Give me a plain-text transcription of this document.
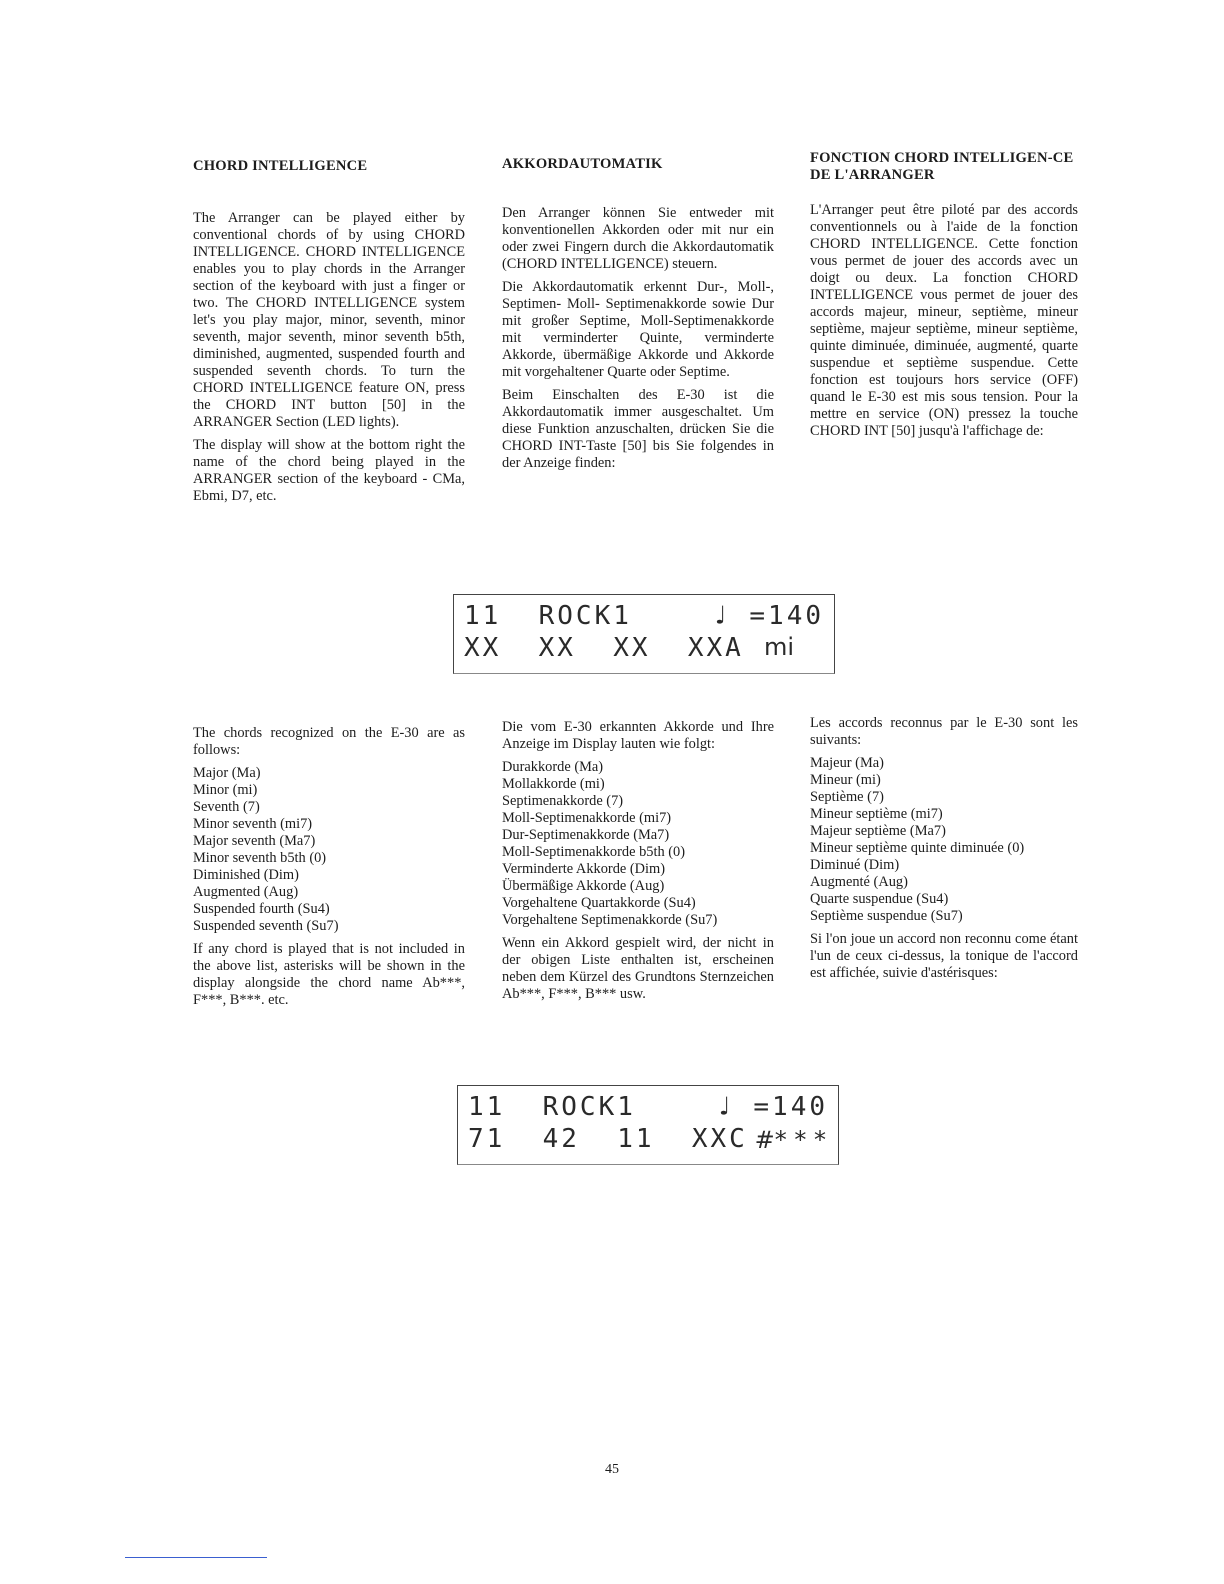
CHORD INTELLIGENCE	AKKORDAUTOMATIK	FONCTION CHORD INTELLIGEN-CE DE L'ARRANGER

The Arranger can be played either by conventional chords of by using CHORD INTELLIGENCE. CHORD INTELLIGENCE enables you to play chords in the Arranger section of the keyboard with just a finger or two. The CHORD INTELLIGENCE system let's you play major, minor, seventh, minor seventh, major seventh, minor seventh b5th, diminished, augmented, suspended fourth and suspended seventh chords. To turn the CHORD INTELLIGENCE feature ON, press the CHORD INT button [50] in the ARRANGER Section (LED lights).

The display will show at the bottom right the name of the chord being played in the ARRANGER section of the keyboard - CMa, Ebmi, D7, etc.

Den Arranger können Sie entweder mit konventionellen Akkorden oder mit nur ein oder zwei Fingern durch die Akkordautomatik (CHORD INTELLIGENCE) steuern.

Die Akkordautomatik erkennt Dur-, Moll-, Septimen- Moll- Septimenakkorde sowie Dur mit großer Septime, Moll-Septimenakkorde mit verminderter Quinte, verminderte Akkorde, übermäßige Akkorde und Akkorde mit vorgehaltener Quarte oder Septime.

Beim Einschalten des E-30 ist die Akkordautomatik immer ausgeschaltet. Um diese Funktion anzuschalten, drücken Sie die CHORD INT-Taste [50] bis Sie folgendes in der Anzeige finden:

L'Arranger peut être piloté par des accords conventionnels ou à l'aide de la fonction CHORD INTELLIGENCE. Cette fonction vous permet de jouer des accords avec un doigt ou deux. La fonction CHORD INTELLIGENCE vous permet de jouer des accords majeur, mineur, septième, mineur septième, majeur septième, mineur septième, quinte diminuée, diminuée, augmenté, quarte suspendue et septième suspendue. Cette fonction est toujours hors service (OFF) quand le E-30 est mis sous tension. Pour la mettre en service (ON) pressez la touche CHORD INT [50] jusqu'à l'affichage de:

11  ROCK1	♩ =140
XX  XX  XX  XXA mi

The chords recognized on the E-30 are as follows:

Major (Ma)
Minor (mi)
Seventh (7)
Minor seventh (mi7)
Major seventh (Ma7)
Minor seventh b5th (0)
Diminished (Dim)
Augmented (Aug)
Suspended fourth (Su4)
Suspended seventh (Su7)

If any chord is played that is not included in the above list, asterisks will be shown in the display alongside the chord name Ab***, F***, B***. etc.

Die vom E-30 erkannten Akkorde und Ihre Anzeige im Display lauten wie folgt:

Durakkorde (Ma)
Mollakkorde (mi)
Septimenakkorde (7)
Moll-Septimenakkorde (mi7)
Dur-Septimenakkorde (Ma7)
Moll-Septimenakkorde b5th (0)
Verminderte Akkorde (Dim)
Übermäßige Akkorde (Aug)
Vorgehaltene Quartakkorde (Su4)
Vorgehaltene Septimenakkorde (Su7)

Wenn ein Akkord gespielt wird, der nicht in der obigen Liste enthalten ist, erscheinen neben dem Kürzel des Grundtons Sternzeichen Ab***, F***, B*** usw.

Les accords reconnus par le E-30 sont les suivants:

Majeur (Ma)
Mineur (mi)
Septième (7)
Mineur septième (mi7)
Majeur septième (Ma7)
Mineur septième quinte diminuée (0)
Diminué (Dim)
Augmenté (Aug)
Quarte suspendue (Su4)
Septième suspendue (Su7)

Si l'on joue un accord non reconnu come étant l'un de ceux ci-dessus, la tonique de l'accord est affichée, suivie d'astérisques:

11  ROCK1	♩ =140
71  42  11  XXC #* * *
45
